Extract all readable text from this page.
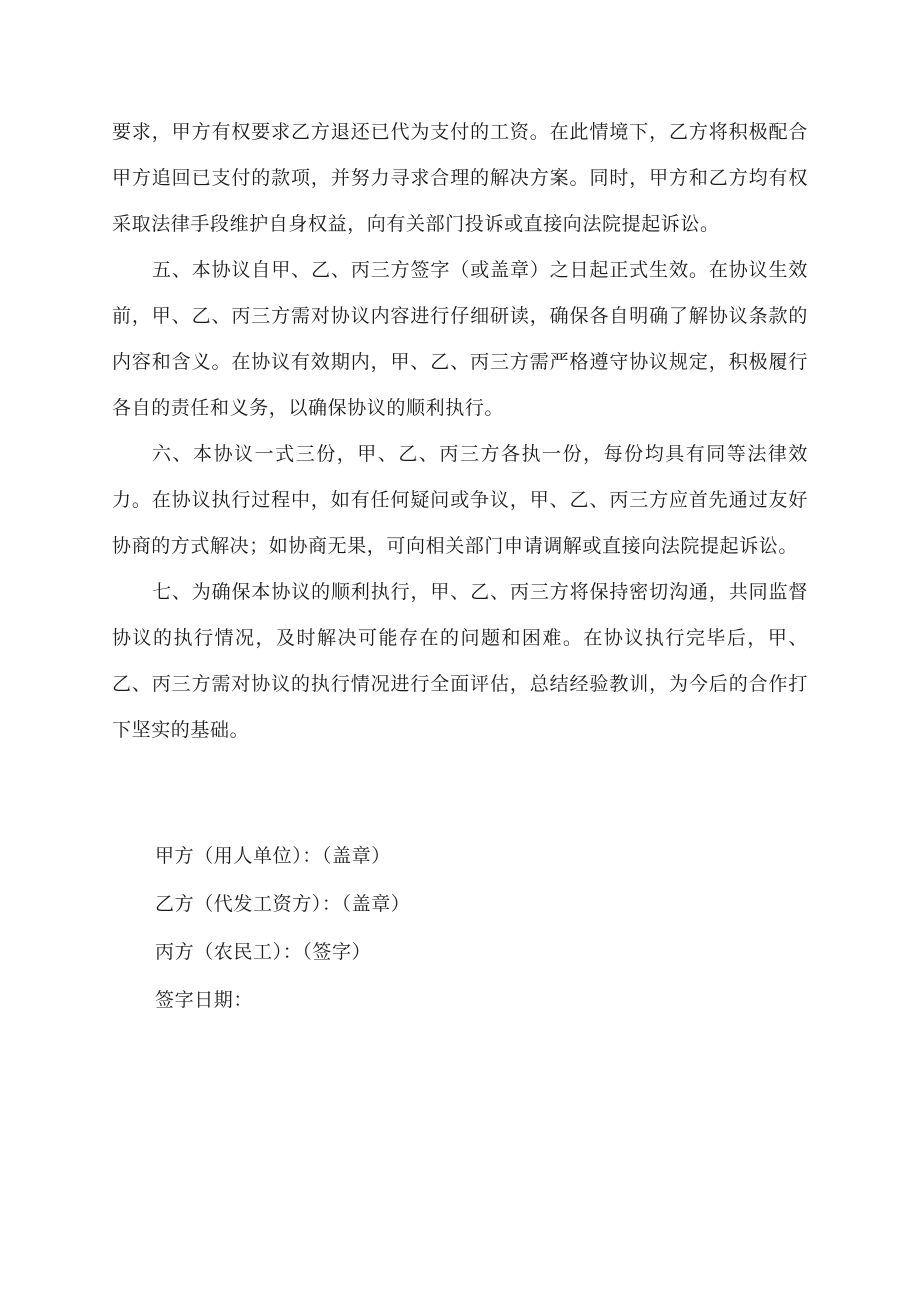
要求，甲方有权要求乙方退还已代为支付的工资。在此情境下，乙方将积极配合甲方追回已支付的款项，并努力寻求合理的解决方案。同时，甲方和乙方均有权采取法律手段维护自身权益，向有关部门投诉或直接向法院提起诉讼。

五、本协议自甲、乙、丙三方签字（或盖章）之日起正式生效。在协议生效前，甲、乙、丙三方需对协议内容进行仔细研读，确保各自明确了解协议条款的内容和含义。在协议有效期内，甲、乙、丙三方需严格遵守协议规定，积极履行各自的责任和义务，以确保协议的顺利执行。

六、本协议一式三份，甲、乙、丙三方各执一份，每份均具有同等法律效力。在协议执行过程中，如有任何疑问或争议，甲、乙、丙三方应首先通过友好协商的方式解决；如协商无果，可向相关部门申请调解或直接向法院提起诉讼。

七、为确保本协议的顺利执行，甲、乙、丙三方将保持密切沟通，共同监督协议的执行情况，及时解决可能存在的问题和困难。在协议执行完毕后，甲、乙、丙三方需对协议的执行情况进行全面评估，总结经验教训，为今后的合作打下坚实的基础。

甲方（用人单位）：（盖章）

乙方（代发工资方）：（盖章）

丙方（农民工）：（签字）

签字日期：
